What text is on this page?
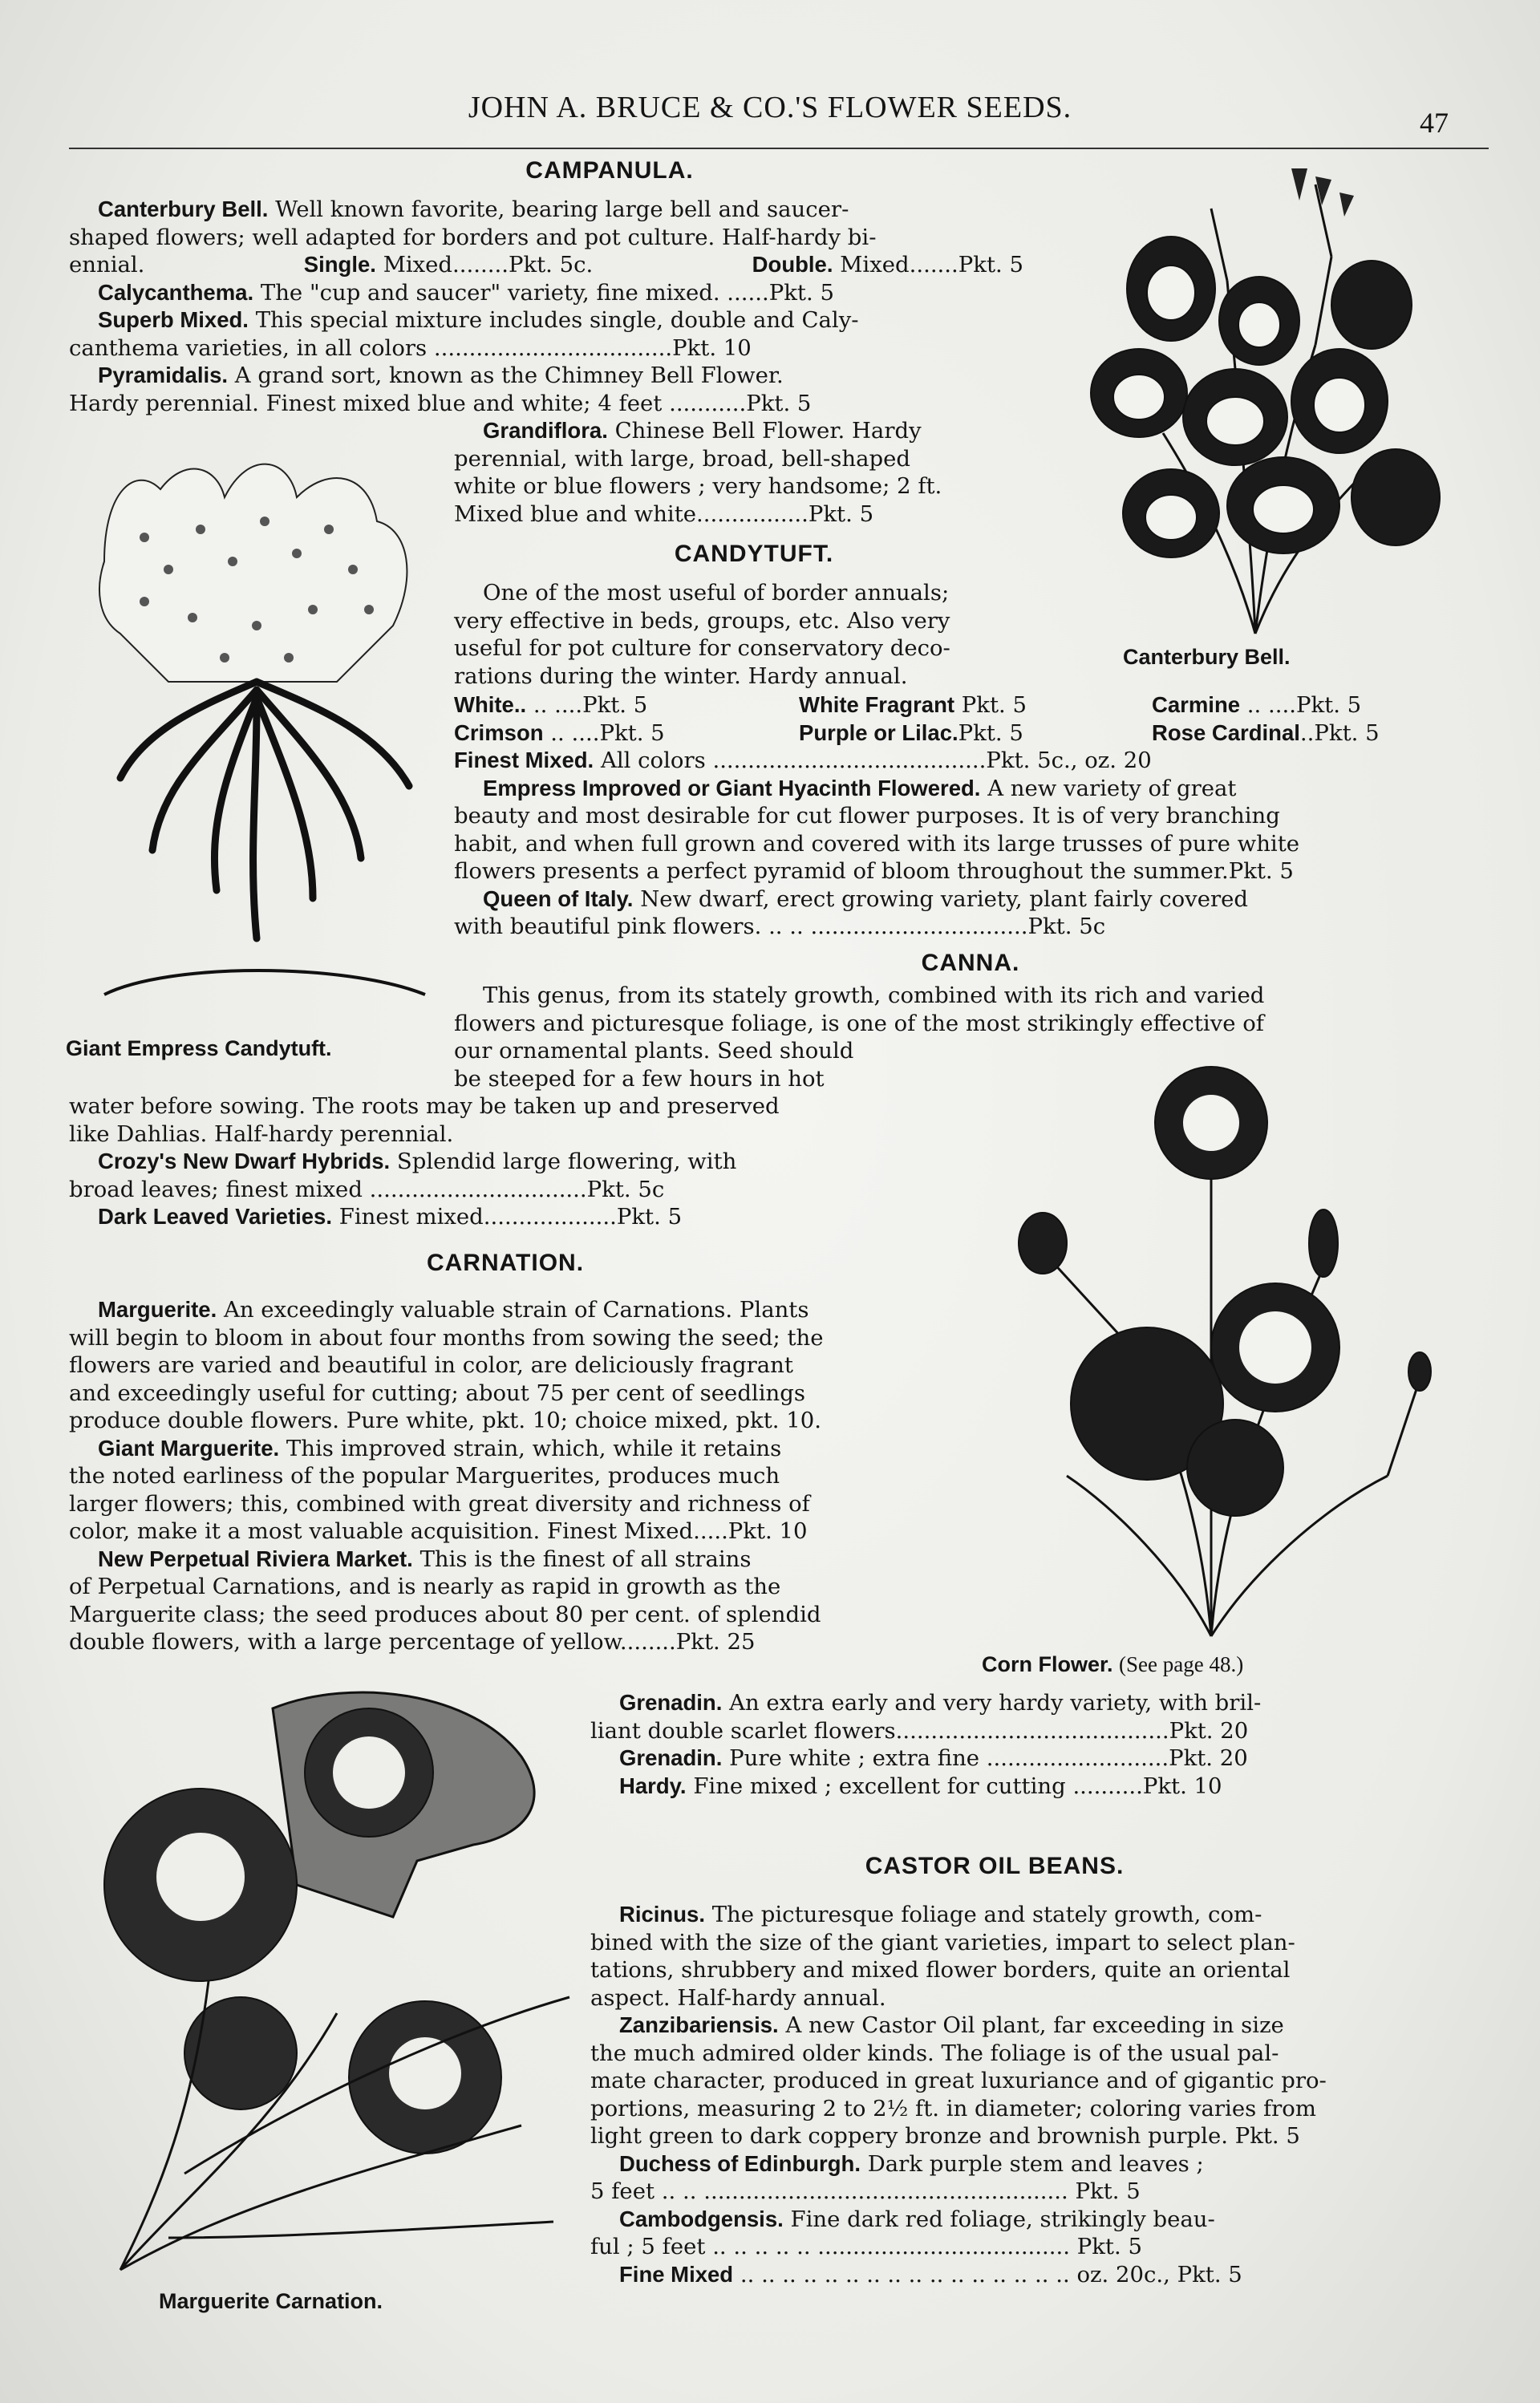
JOHN A. BRUCE & CO.'S FLOWER SEEDS.	47
CAMPANULA.

Canterbury Bell. Well known favorite, bearing large bell and saucer-

shaped flowers; well adapted for borders and pot culture. Half-hardy bi-

ennial.	Single. Mixed........Pkt. 5c.	Double. Mixed.......Pkt. 5

Calycanthema. The "cup and saucer" variety, fine mixed. ......Pkt. 5

Superb Mixed. This special mixture includes single, double and Caly-

canthema varieties, in all colors ..................................Pkt. 10

Pyramidalis. A grand sort, known as the Chimney Bell Flower.

Hardy perennial. Finest mixed blue and white; 4 feet ...........Pkt. 5

Grandiflora. Chinese Bell Flower. Hardy

perennial, with large, broad, bell-shaped

white or blue flowers ; very handsome; 2 ft.

Mixed blue and white................Pkt. 5

CANDYTUFT.

One of the most useful of border annuals;

very effective in beds, groups, etc. Also very

useful for pot culture for conservatory deco-

rations during the winter. Hardy annual.

White.. .. ....Pkt. 5	White Fragrant Pkt. 5	Carmine .. ....Pkt. 5

Crimson .. ....Pkt. 5	Purple or Lilac.Pkt. 5	Rose Cardinal..Pkt. 5

Finest Mixed. All colors .......................................Pkt. 5c., oz. 20

Empress Improved or Giant Hyacinth Flowered. A new variety of great

beauty and most desirable for cut flower purposes. It is of very branching

habit, and when full grown and covered with its large trusses of pure white

flowers presents a perfect pyramid of bloom throughout the summer.Pkt. 5

Queen of Italy. New dwarf, erect growing variety, plant fairly covered

with beautiful pink flowers. .. .. ...............................Pkt. 5c

CANNA.

This genus, from its stately growth, combined with its rich and varied

flowers and picturesque foliage, is one of the most strikingly effective of

our ornamental plants. Seed should

be steeped for a few hours in hot

water before sowing. The roots may be taken up and preserved

like Dahlias. Half-hardy perennial.

Crozy's New Dwarf Hybrids. Splendid large flowering, with

broad leaves; finest mixed ...............................Pkt. 5c

Dark Leaved Varieties. Finest mixed...................Pkt. 5

CARNATION.

Marguerite. An exceedingly valuable strain of Carnations. Plants

will begin to bloom in about four months from sowing the seed; the

flowers are varied and beautiful in color, are deliciously fragrant

and exceedingly useful for cutting; about 75 per cent of seedlings

produce double flowers. Pure white, pkt. 10; choice mixed, pkt. 10.

Giant Marguerite. This improved strain, which, while it retains

the noted earliness of the popular Marguerites, produces much

larger flowers; this, combined with great diversity and richness of

color, make it a most valuable acquisition. Finest Mixed.....Pkt. 10

New Perpetual Riviera Market. This is the finest of all strains

of Perpetual Carnations, and is nearly as rapid in growth as the

Marguerite class; the seed produces about 80 per cent. of splendid

double flowers, with a large percentage of yellow........Pkt. 25

Grenadin. An extra early and very hardy variety, with bril-

liant double scarlet flowers.......................................Pkt. 20

Grenadin. Pure white ; extra fine ..........................Pkt. 20

Hardy. Fine mixed ; excellent for cutting ..........Pkt. 10

CASTOR OIL BEANS.

Ricinus. The picturesque foliage and stately growth, com-

bined with the size of the giant varieties, impart to select plan-

tations, shrubbery and mixed flower borders, quite an oriental

aspect. Half-hardy annual.

Zanzibariensis. A new Castor Oil plant, far exceeding in size

the much admired older kinds. The foliage is of the usual pal-

mate character, produced in great luxuriance and of gigantic pro-

portions, measuring 2 to 2½ ft. in diameter; coloring varies from

light green to dark coppery bronze and brownish purple. Pkt. 5

Duchess of Edinburgh. Dark purple stem and leaves ;

5 feet .. .. .................................................... Pkt. 5

Cambodgensis. Fine dark red foliage, strikingly beau-

ful ; 5 feet .. .. .. .. .. .................................... Pkt. 5

Fine Mixed .. .. .. .. .. .. .. .. .. .. .. .. .. .. .. .. oz. 20c., Pkt. 5

Canterbury Bell.
Giant Empress Candytuft.
Corn Flower. (See page 48.)
Marguerite Carnation.
